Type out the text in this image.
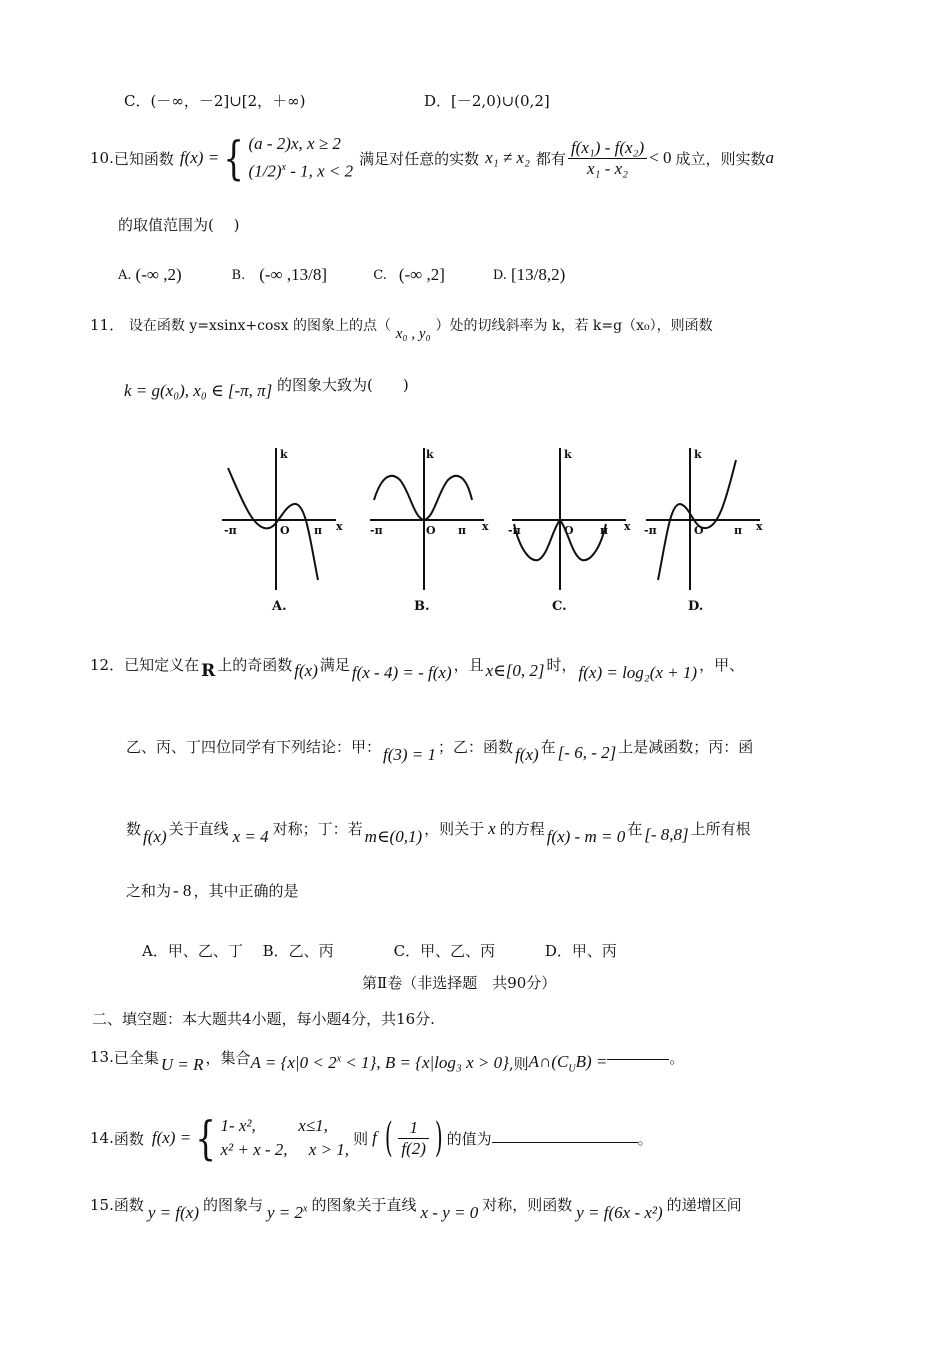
C．(－∞，－2]∪[2，＋∞)	D．[－2,0)∪(0,2]
10. 已知函数 f(x) = { (a - 2)x, x ≥ 2
$(1/2)^x - 1$, x < 2
满足对任意的实数 x₁ ≠ x₂ 都有 $\frac{\text{f(x₁) - f(x₂)}}{\text{x₁ - x₂}} < 0$ 成立，则实数 a
的取值范围为(　 )
A. (-∞ ,2)	B. (-∞ ,13/8]	C. (-∞ ,2]	D. [13/8,2)
11． 设在函数 y=xsinx+cosx 的图象上的点（ x₀ , y₀ ）处的切线斜率为 k，若 k=g（x₀），则函数
k = g(x₀), x₀ ∈ [-π, π] 的图象大致为(　　)
k	k	k	k
-π	π
O	x -π	π
O	x -π	π
O	x -π	π
O	x
A.	B.	C.	D.
12． 已知定义在 R 上的奇函数 f(x) 满足 f(x - 4) = - f(x) ，且 x∈[0, 2] 时， f(x) = log₂(x + 1) ，甲、
乙、丙、丁四位同学有下列结论：甲： f(3) = 1 ；乙：函数 f(x) 在 [- 6, - 2] 上是减函数；丙：函
数 f(x) 关于直线 x = 4 对称；丁：若 m∈(0,1) ，则关于 x 的方程 f(x) - m = 0 在 [- 8,8] 上所有根
之和为 - 8 ，其中正确的是
A．甲、乙、丁　 B．乙、丙　　　　C．甲、乙、丙　　　 D．甲、丙
第Ⅱ卷（非选择题　共90分）
二、填空题：本大题共4小题，每小题4分，共16分.
13. 已全集 U = R ，集合 $A = \{x|0 < 2^x < 1\}$ , B = {x|log₃ x > 0} ,则 $A\cap(C_UB)$ =	。
14. 函数 f(x) = { 1- x², 　　 x≤1,
x² + x - 2, 　x > 1,
则 f ( $\frac{1}{f(2)}$ ) 的值为	。
15. 函数 y = f(x) 的图象与 $y = 2^x$ 的图象关于直线 x - y = 0 对称，则函数 y = f(6x - x²) 的递增区间
